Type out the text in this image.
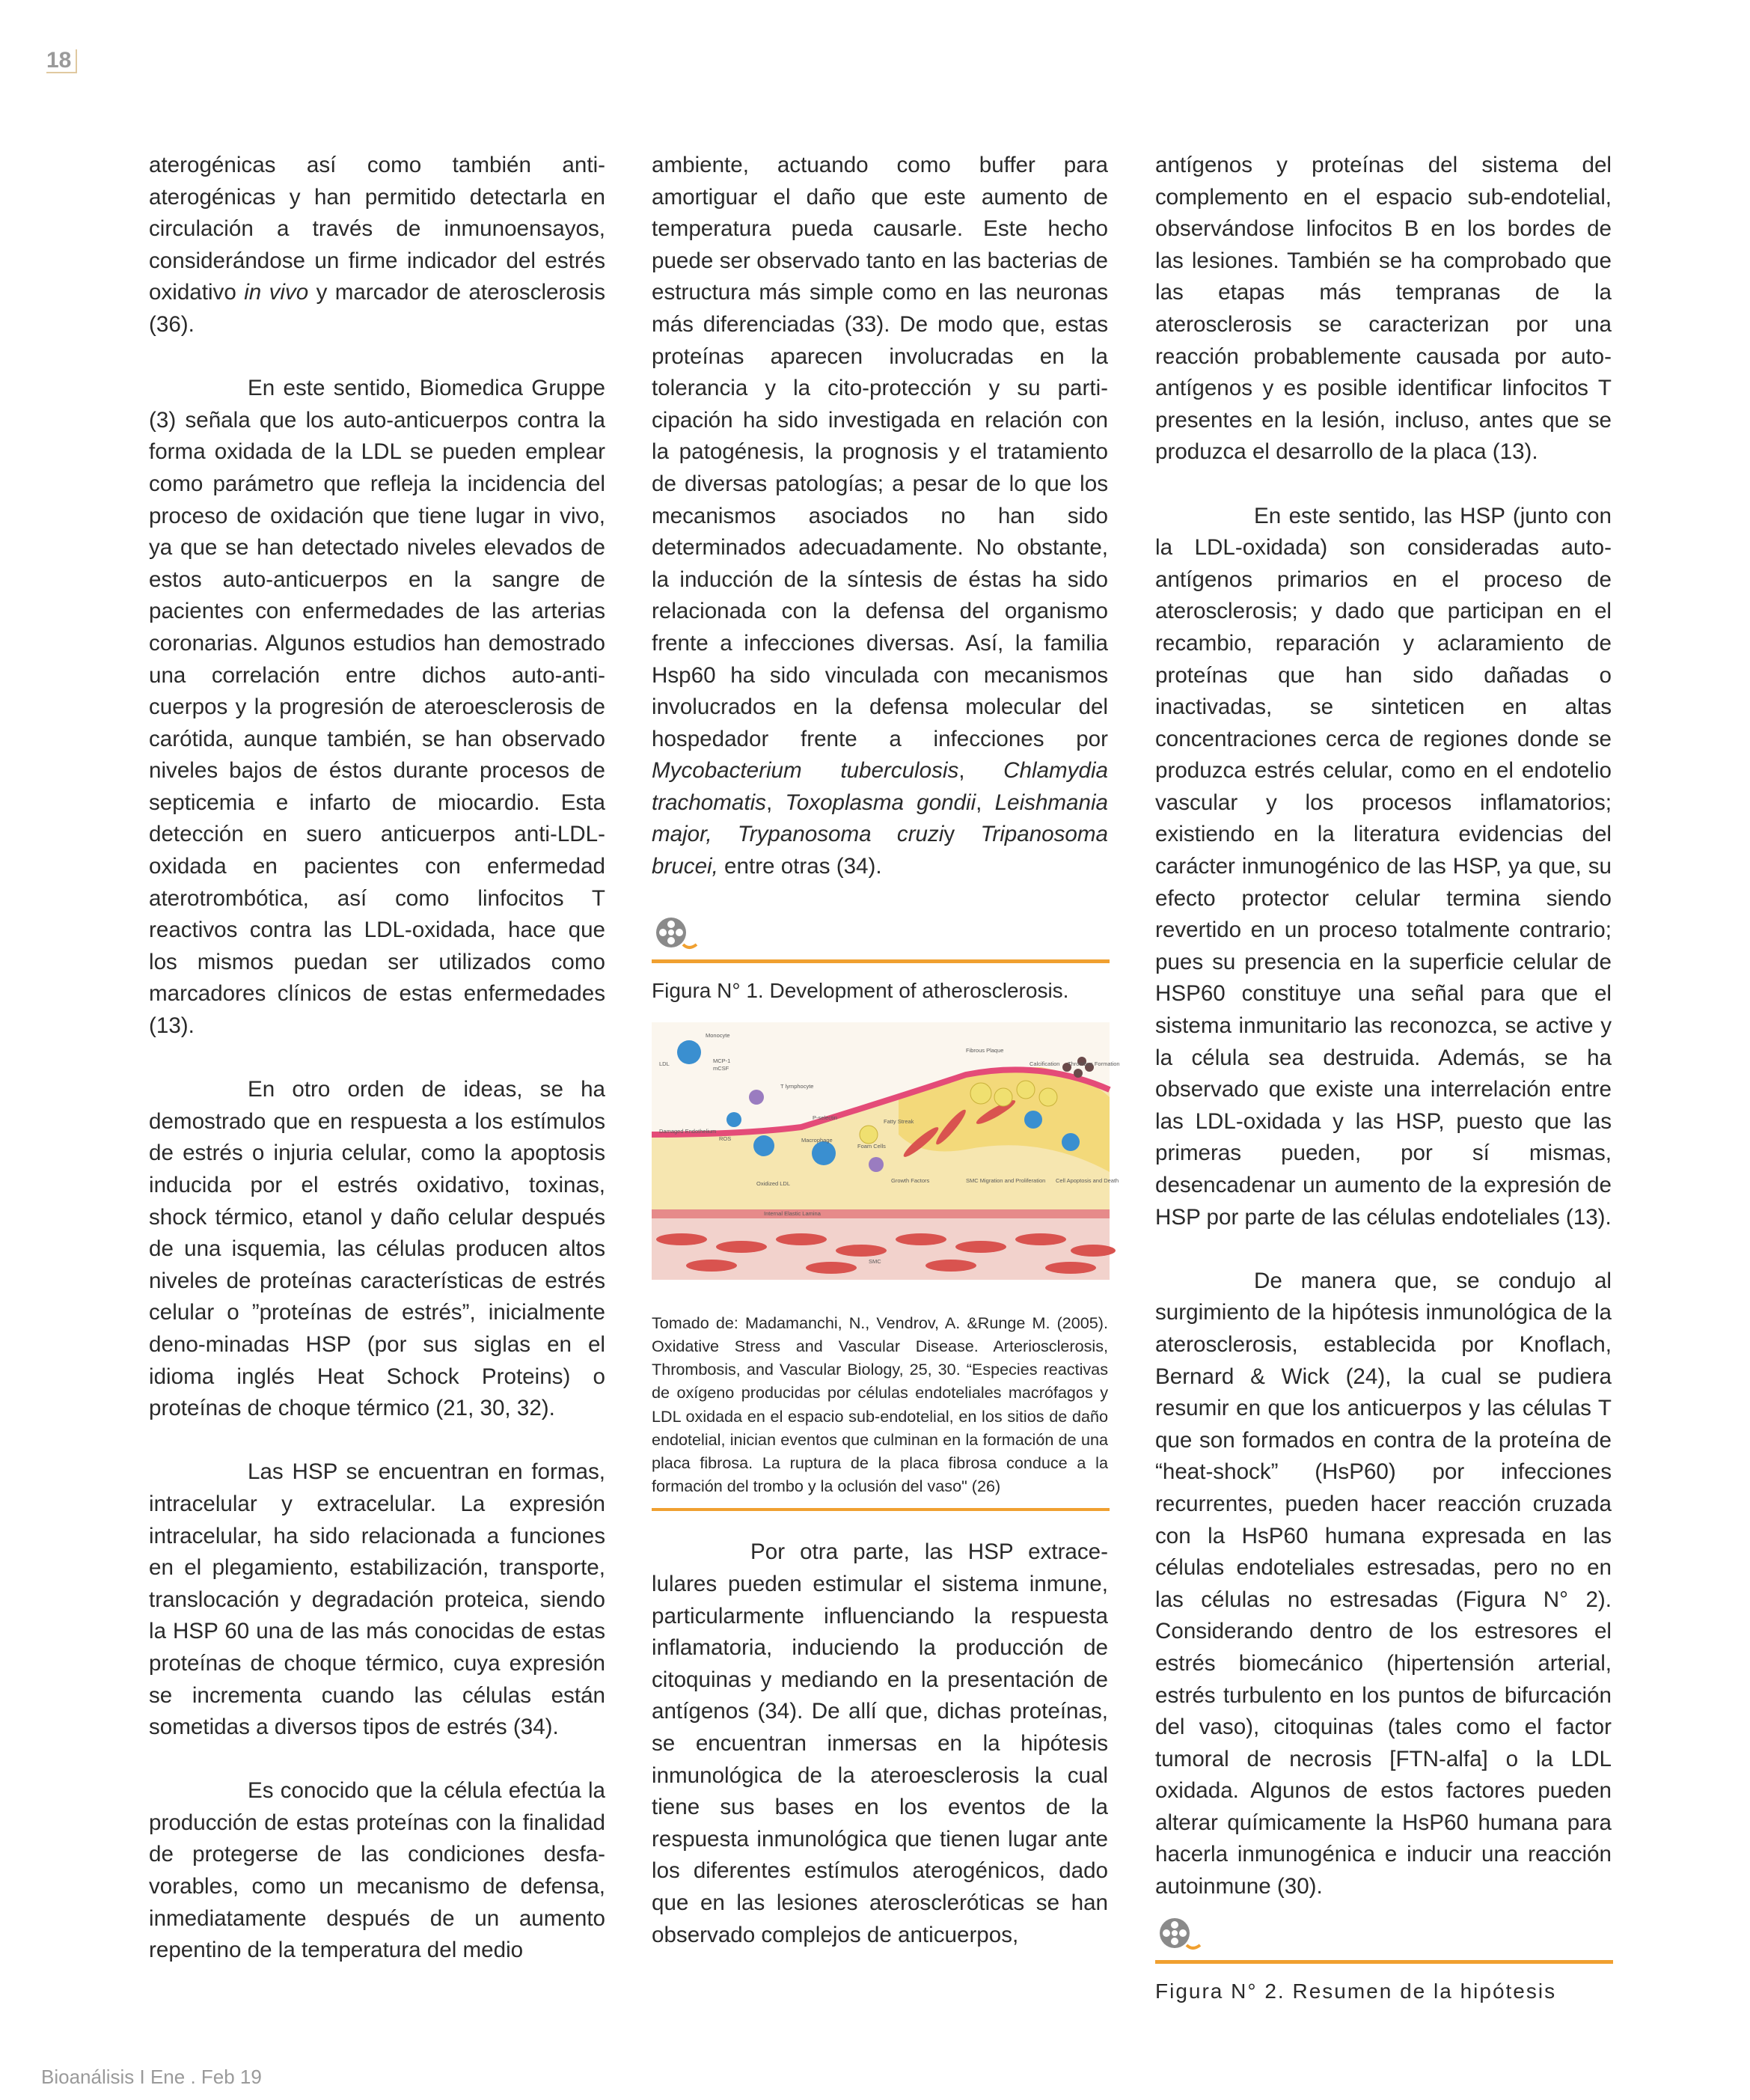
18

aterogénicas así como también anti-aterogénicas y han permitido detectarla en circulación a través de inmunoensayos, considerándose un firme indicador del estrés oxidativo in vivo y marcador de aterosclerosis (36).

En este sentido, Biomedica Gruppe (3) señala que los auto-anticuerpos contra la forma oxidada de la LDL se pueden emplear como parámetro que refleja la incidencia del proceso de oxidación que tiene lugar in vivo, ya que se han detectado niveles elevados de estos auto-anticuerpos en la sangre de pacientes con enfermedades de las arterias coronarias. Algunos estudios han demostrado una correlación entre dichos auto-anti-cuerpos y la progresión de ateroesclerosis de carótida, aunque también, se han observado niveles bajos de éstos durante procesos de septicemia e infarto de miocardio. Esta detección en suero anticuerpos anti-LDL-oxidada en pacientes con enfermedad aterotrombótica, así como linfocitos T reactivos contra las LDL-oxidada, hace que los mismos puedan ser utilizados como marcadores clínicos de estas enfermedades (13).

En otro orden de ideas, se ha demostrado que en respuesta a los estímulos de estrés o injuria celular, como la apoptosis inducida por el estrés oxidativo, toxinas, shock térmico, etanol y daño celular después de una isquemia, las células producen altos niveles de proteínas características de estrés celular o ”proteínas de estrés”, inicialmente deno-minadas HSP (por sus siglas en el idioma inglés Heat Schock Proteins) o proteínas de choque térmico (21, 30, 32).

Las HSP se encuentran en formas, intracelular y extracelular. La expresión intracelular, ha sido relacionada a funciones en el plegamiento, estabilización, transporte, translocación y degradación proteica, siendo la HSP 60 una de las más conocidas de estas proteínas de choque térmico, cuya expresión se incrementa cuando las células están sometidas a diversos tipos de estrés (34).

Es conocido que la célula efectúa la producción de estas proteínas con la finalidad de protegerse de las condiciones desfa-vorables, como un mecanismo de defensa, inmediatamente después de un aumento repentino de la temperatura del medio

ambiente, actuando como buffer para amortiguar el daño que este aumento de temperatura pueda causarle. Este hecho puede ser observado tanto en las bacterias de estructura más simple como en las neuronas más diferenciadas (33). De modo que, estas proteínas aparecen involucradas en la tolerancia y la cito-protección y su parti-cipación ha sido investigada en relación con la patogénesis, la prognosis y el tratamiento de diversas patologías; a pesar de lo que los mecanismos asociados no han sido determinados adecuadamente. No obstante, la inducción de la síntesis de éstas ha sido relacionada con la defensa del organismo frente a infecciones diversas. Así, la familia Hsp60 ha sido vinculada con mecanismos involucrados en la defensa molecular del hospedador frente a infecciones por Mycobacterium tuberculosis, Chlamydia trachomatis, Toxoplasma gondii, Leishmania major, Trypanosoma cruziy Tripanosoma brucei, entre otras (34).

Figura N° 1. Development of atherosclerosis.
Monocyte
LDL	MCP-1
mCSF
T lymphocyte
P-selectin
Fibrous Plaque
Calcification Thrombus Formation
Damaged Endothelium
ROS	Macrophage
Fatty Streak
Foam Cells
Oxidized LDL	Growth Factors	SMC Migration and Proliferation Cell Apoptosis and Death
Internal Elastic Lamina
SMC
Tomado de: Madamanchi, N., Vendrov, A. &Runge M. (2005). Oxidative Stress and Vascular Disease. Arteriosclerosis, Thrombosis, and Vascular Biology, 25, 30. “Especies reactivas de oxígeno producidas por células endoteliales macrófagos y LDL oxidada en el espacio sub-endotelial, en los sitios de daño endotelial, inician eventos que culminan en la formación de una placa fibrosa. La ruptura de la placa fibrosa conduce a la formación del trombo y la oclusión del vaso" (26)

Por otra parte, las HSP extrace-lulares pueden estimular el sistema inmune, particularmente influenciando la respuesta inflamatoria, induciendo la producción de citoquinas y mediando en la presentación de antígenos (34). De allí que, dichas proteínas, se encuentran inmersas en la hipótesis inmunológica de la ateroesclerosis la cual tiene sus bases en los eventos de la respuesta inmunológica que tienen lugar ante los diferentes estímulos aterogénicos, dado que en las lesiones ateroscleróticas se han observado complejos de anticuerpos,

antígenos y proteínas del sistema del complemento en el espacio sub-endotelial, observándose linfocitos B en los bordes de las lesiones. También se ha comprobado que las etapas más tempranas de la aterosclerosis se caracterizan por una reacción probablemente causada por auto-antígenos y es posible identificar linfocitos T presentes en la lesión, incluso, antes que se produzca el desarrollo de la placa (13).

En este sentido, las HSP (junto con la LDL-oxidada) son consideradas auto-antígenos primarios en el proceso de aterosclerosis; y dado que participan en el recambio, reparación y aclaramiento de proteínas que han sido dañadas o inactivadas, se sinteticen en altas concentraciones cerca de regiones donde se produzca estrés celular, como en el endotelio vascular y los procesos inflamatorios; existiendo en la literatura evidencias del carácter inmunogénico de las HSP, ya que, su efecto protector celular termina siendo revertido en un proceso totalmente contrario; pues su presencia en la superficie celular de HSP60 constituye una señal para que el sistema inmunitario las reconozca, se active y la célula sea destruida. Además, se ha observado que existe una interrelación entre las LDL-oxidada y las HSP, puesto que las primeras pueden, por sí mismas, desencadenar un aumento de la expresión de HSP por parte de las células endoteliales (13).

De manera que, se condujo al surgimiento de la hipótesis inmunológica de la aterosclerosis, establecida por Knoflach, Bernard & Wick (24), la cual se pudiera resumir en que los anticuerpos y las células T que son formados en contra de la proteína de “heat-shock” (HsP60) por infecciones recurrentes, pueden hacer reacción cruzada con la HsP60 humana expresada en las células endoteliales estresadas, pero no en las células no estresadas (Figura N° 2). Considerando dentro de los estresores el estrés biomecánico (hipertensión arterial, estrés turbulento en los puntos de bifurcación del vaso), citoquinas (tales como el factor tumoral de necrosis [FTN-alfa] o la LDL oxidada. Algunos de estos factores pueden alterar químicamente la HsP60 humana para hacerla inmunogénica e inducir una reacción autoinmune (30).

Figura N° 2. Resumen de la hipótesis
Bioanálisis I Ene . Feb 19
